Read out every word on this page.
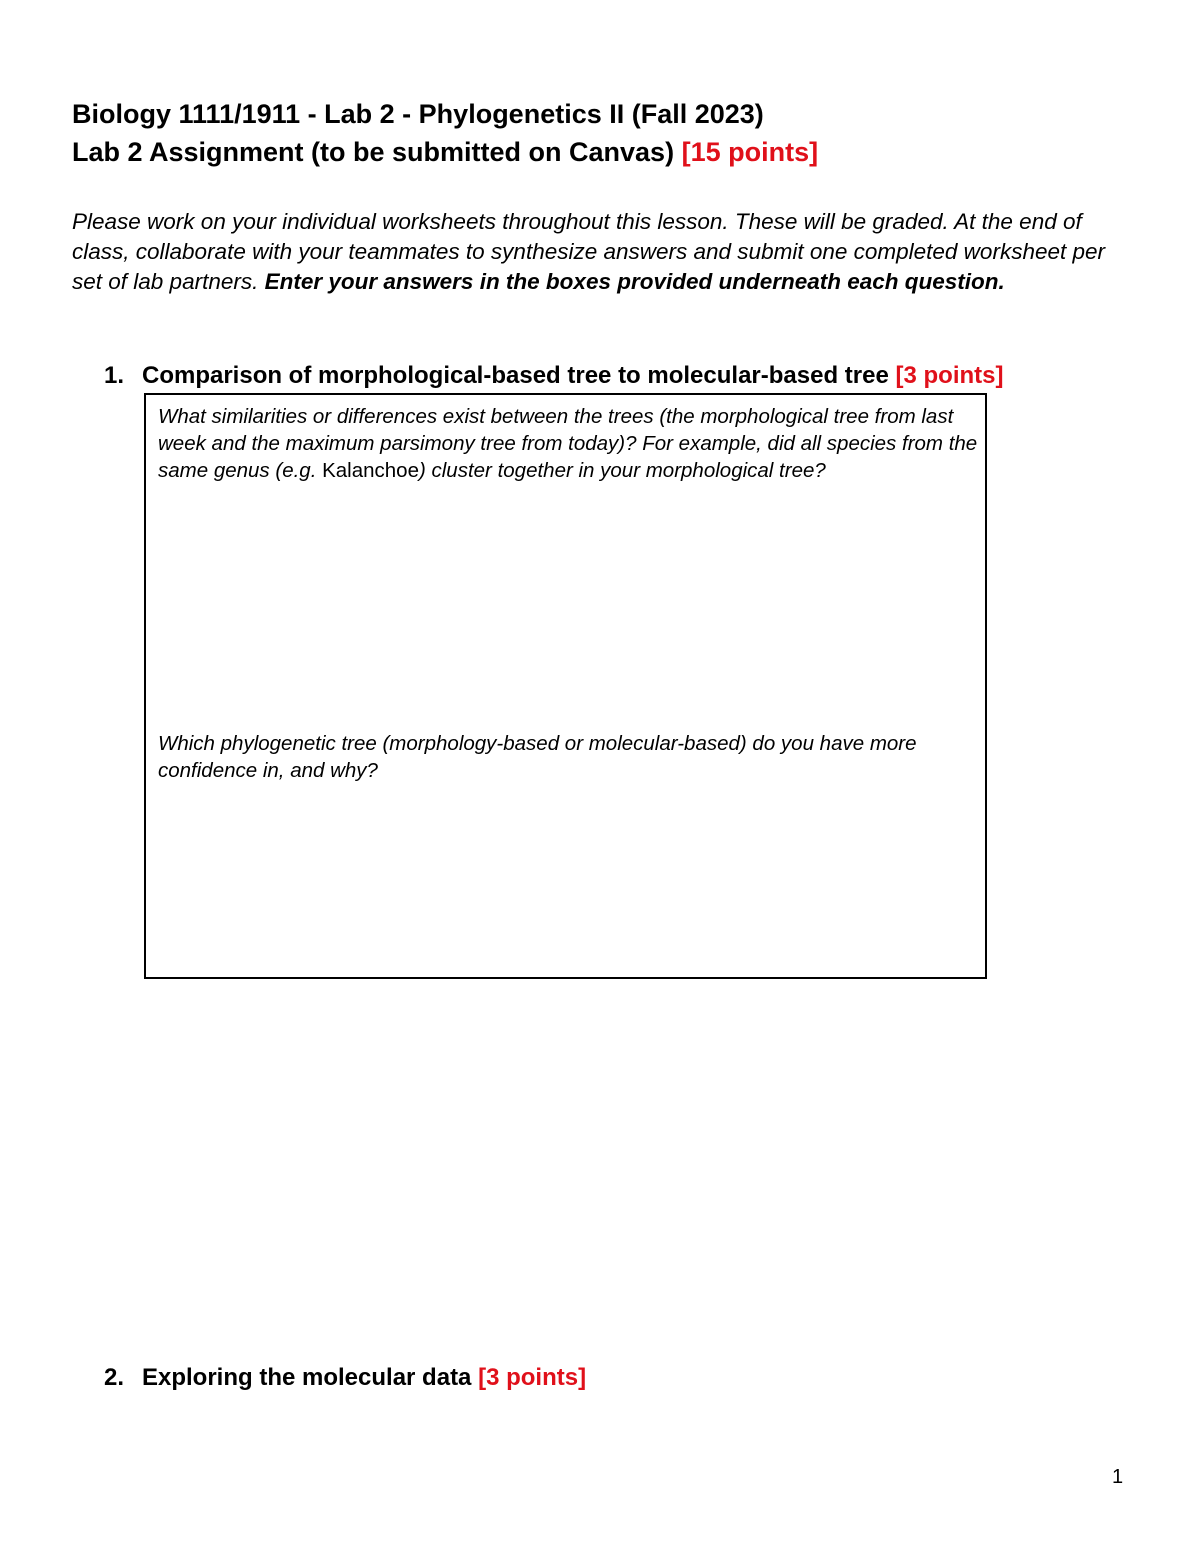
Biology 1111/1911 - Lab 2 - Phylogenetics II (Fall 2023)
Lab 2 Assignment (to be submitted on Canvas) [15 points]

Please work on your individual worksheets throughout this lesson. These will be graded. At the end of class, collaborate with your teammates to synthesize answers and submit one completed worksheet per set of lab partners. Enter your answers in the boxes provided underneath each question.

1. Comparison of morphological-based tree to molecular-based tree [3 points]

What similarities or differences exist between the trees (the morphological tree from last week and the maximum parsimony tree from today)? For example, did all species from the same genus (e.g. Kalanchoe) cluster together in your morphological tree?

Which phylogenetic tree (morphology-based or molecular-based) do you have more confidence in, and why?

2. Exploring the molecular data [3 points]
1
